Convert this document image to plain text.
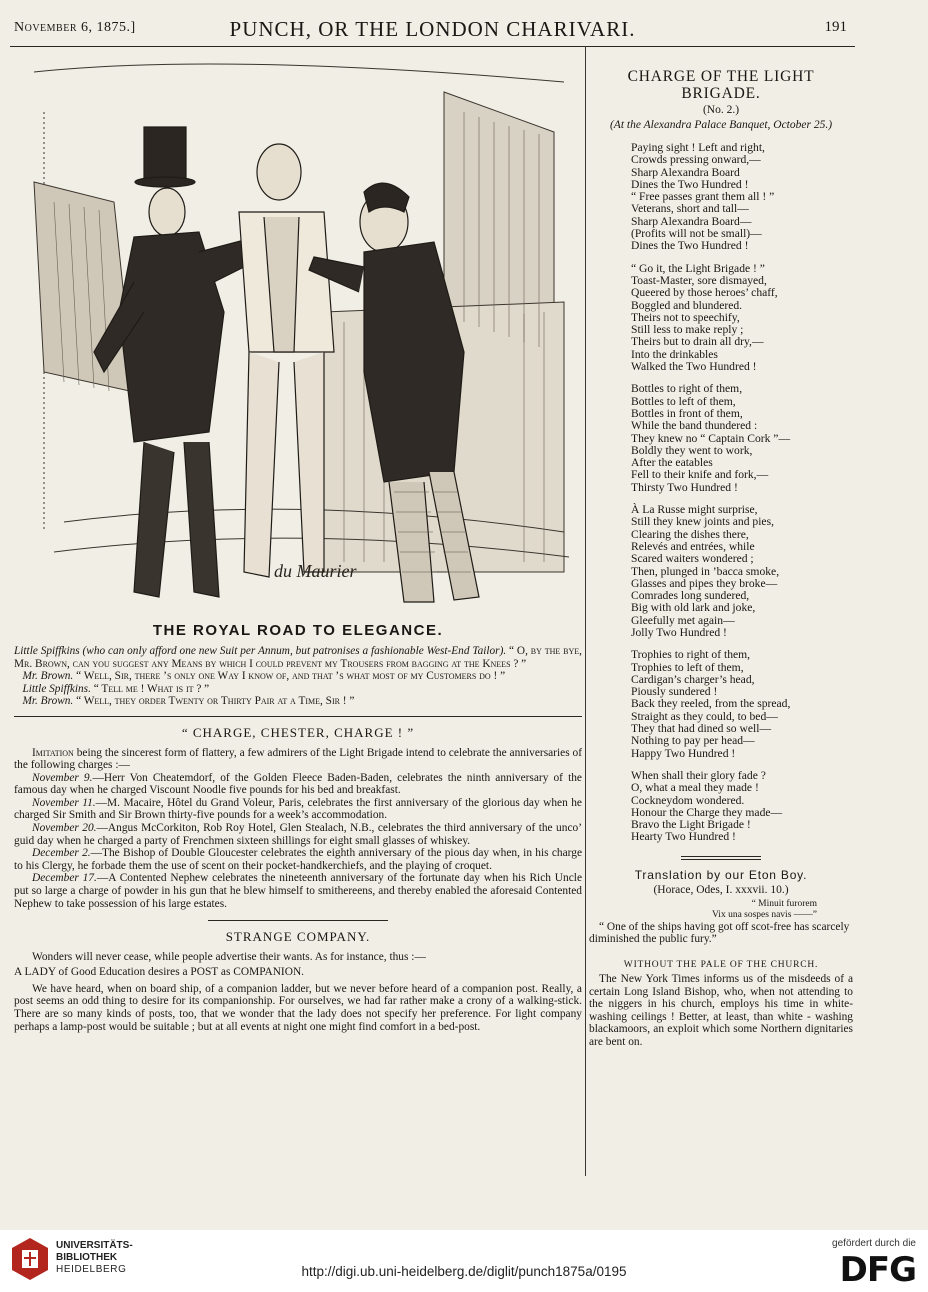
November 6, 1875.]	PUNCH, OR THE LONDON CHARIVARI.	191
du Maurier
THE ROYAL ROAD TO ELEGANCE.

Little Spiffkins (who can only afford one new Suit per Annum, but patronises a fashionable West-End Tailor). “ O, by the bye, Mr. Brown, can you suggest any Means by which I could prevent my Trousers from bagging at the Knees ? ”

Mr. Brown. “ Well, Sir, there ’s only one Way I know of, and that ’s what most of my Customers do ! ”

Little Spiffkins. “ Tell me ! What is it ? ”

Mr. Brown. “ Well, they order Twenty or Thirty Pair at a Time, Sir ! ”

“ CHARGE, CHESTER, CHARGE ! ”

Imitation being the sincerest form of flattery, a few admirers of the Light Brigade intend to celebrate the anniversaries of the following charges :—

November 9.—Herr Von Cheatemdorf, of the Golden Fleece Baden-Baden, celebrates the ninth anniversary of the famous day when he charged Viscount Noodle five pounds for his bed and breakfast.

November 11.—M. Macaire, Hôtel du Grand Voleur, Paris, celebrates the first anniversary of the glorious day when he charged Sir Smith and Sir Brown thirty-five pounds for a week’s accommodation.

November 20.—Angus McCorkiton, Rob Roy Hotel, Glen Stealach, N.B., celebrates the third anniversary of the unco’ guid day when he charged a party of Frenchmen sixteen shillings for eight small glasses of whiskey.

December 2.—The Bishop of Double Gloucester celebrates the eighth anniversary of the pious day when, in his charge to his Clergy, he forbade them the use of scent on their pocket-handkerchiefs, and the playing of croquet.

December 17.—A Contented Nephew celebrates the nineteenth anniversary of the fortunate day when his Rich Uncle put so large a charge of powder in his gun that he blew himself to smithereens, and thereby enabled the aforesaid Contented Nephew to take possession of his large estates.

STRANGE COMPANY.

Wonders will never cease, while people advertise their wants. As for instance, thus :—

A LADY of Good Education desires a POST as COMPANION.

We have heard, when on board ship, of a companion ladder, but we never before heard of a companion post. Really, a post seems an odd thing to desire for its companionship. For ourselves, we had far rather make a crony of a walking-stick. There are so many kinds of posts, too, that we wonder that the lady does not specify her preference. For light company perhaps a lamp-post would be suitable ; but at all events at night one might find comfort in a bed-post.

CHARGE OF THE LIGHT BRIGADE.
(No. 2.)
(At the Alexandra Palace Banquet, October 25.)
Paying sight ! Left and right,
Crowds pressing onward,—
Sharp Alexandra Board
Dines the Two Hundred !
“ Free passes grant them all ! ”
Veterans, short and tall—
Sharp Alexandra Board—
(Profits will not be small)—
Dines the Two Hundred !
“ Go it, the Light Brigade ! ”
Toast-Master, sore dismayed,
Queered by those heroes’ chaff,
Boggled and blundered.
Theirs not to speechify,
Still less to make reply ;
Theirs but to drain all dry,—
Into the drinkables
Walked the Two Hundred !
Bottles to right of them,
Bottles to left of them,
Bottles in front of them,
While the band thundered :
They knew no “ Captain Cork ”—
Boldly they went to work,
After the eatables
Fell to their knife and fork,—
Thirsty Two Hundred !
À La Russe might surprise,
Still they knew joints and pies,
Clearing the dishes there,
Relevés and entrées, while
Scared waiters wondered ;
Then, plunged in ’bacca smoke,
Glasses and pipes they broke—
Comrades long sundered,
Big with old lark and joke,
Gleefully met again—
Jolly Two Hundred !
Trophies to right of them,
Trophies to left of them,
Cardigan’s charger’s head,
Piously sundered !
Back they reeled, from the spread,
Straight as they could, to bed—
They that had dined so well—
Nothing to pay per head—
Happy Two Hundred !
When shall their glory fade ?
O, what a meal they made !
Cockneydom wondered.
Honour the Charge they made—
Bravo the Light Brigade !
Hearty Two Hundred !
Translation by our Eton Boy.
(Horace, Odes, I. xxxvii. 10.)
“ Minuit furorem
Vix una sospes navis ——”

“ One of the ships having got off scot-free has scarcely diminished the public fury.”

WITHOUT THE PALE OF THE CHURCH.

The New York Times informs us of the misdeeds of a certain Long Island Bishop, who, when not attending to the niggers in his church, employs his time in white-washing ceilings ! Better, at least, than white - washing blackamoors, an exploit which some Northern dignitaries are bent on.

UNIVERSITÄTS-
BIBLIOTHEK
HEIDELBERG	http://digi.ub.uni-heidelberg.de/diglit/punch1875a/0195
gefördert durch die
DFG
